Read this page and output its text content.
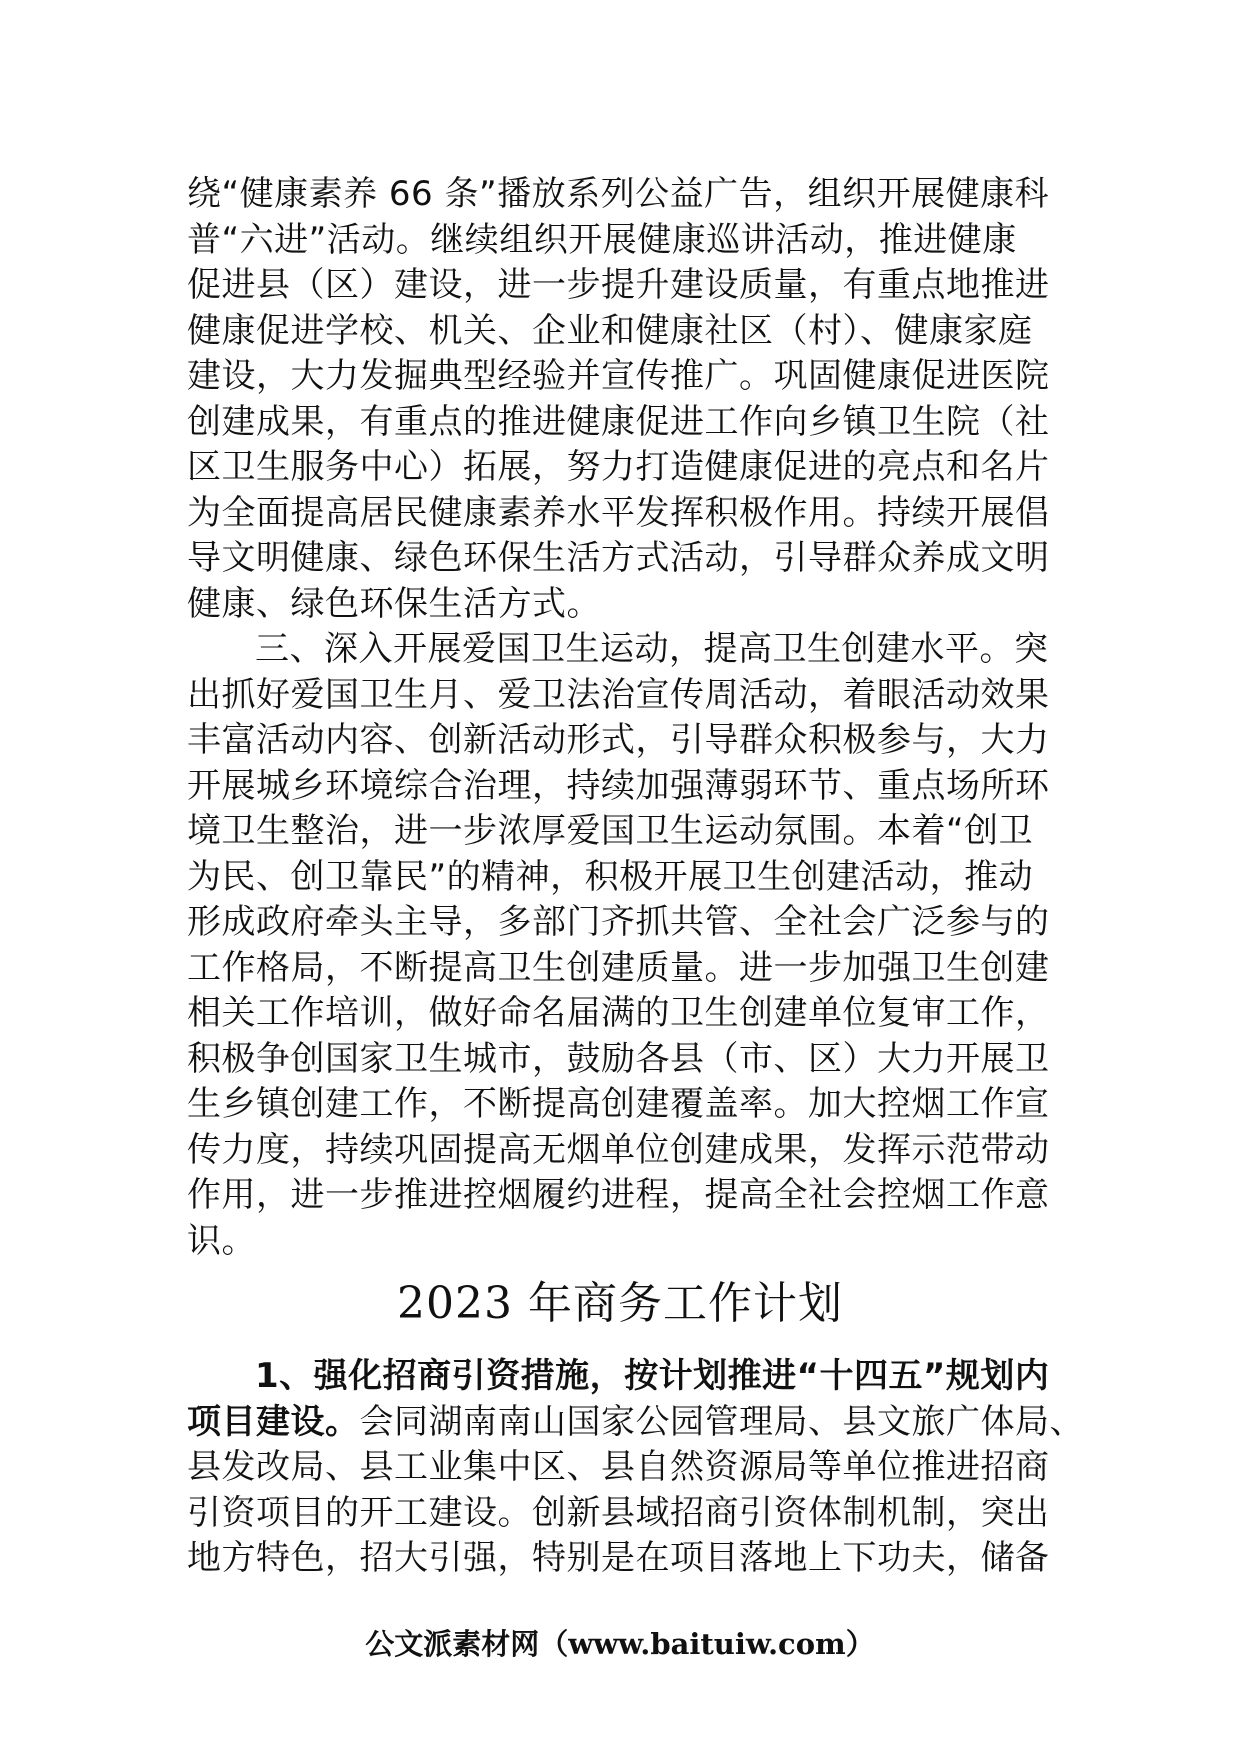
绕“健康素养 66 条”播放系列公益广告，组织开展健康科
普“六进”活动。继续组织开展健康巡讲活动，推进健康
促进县（区）建设，进一步提升建设质量，有重点地推进
健康促进学校、机关、企业和健康社区（村）、健康家庭
建设，大力发掘典型经验并宣传推广。巩固健康促进医院
创建成果，有重点的推进健康促进工作向乡镇卫生院（社
区卫生服务中心）拓展，努力打造健康促进的亮点和名片
为全面提高居民健康素养水平发挥积极作用。持续开展倡
导文明健康、绿色环保生活方式活动，引导群众养成文明
健康、绿色环保生活方式。
三、深入开展爱国卫生运动，提高卫生创建水平。突
出抓好爱国卫生月、爱卫法治宣传周活动，着眼活动效果
丰富活动内容、创新活动形式，引导群众积极参与，大力
开展城乡环境综合治理，持续加强薄弱环节、重点场所环
境卫生整治，进一步浓厚爱国卫生运动氛围。本着“创卫
为民、创卫靠民”的精神，积极开展卫生创建活动，推动
形成政府牵头主导，多部门齐抓共管、全社会广泛参与的
工作格局，不断提高卫生创建质量。进一步加强卫生创建
相关工作培训，做好命名届满的卫生创建单位复审工作，
积极争创国家卫生城市，鼓励各县（市、区）大力开展卫
生乡镇创建工作，不断提高创建覆盖率。加大控烟工作宣
传力度，持续巩固提高无烟单位创建成果，发挥示范带动
作用，进一步推进控烟履约进程，提高全社会控烟工作意
识。
2023 年商务工作计划
1、强化招商引资措施，按计划推进“十四五”规划内
项目建设。会同湖南南山国家公园管理局、县文旅广体局、
县发改局、县工业集中区、县自然资源局等单位推进招商
引资项目的开工建设。创新县域招商引资体制机制，突出
地方特色，招大引强，特别是在项目落地上下功夫，储备
公文派素材网（www.baituiw.com）
